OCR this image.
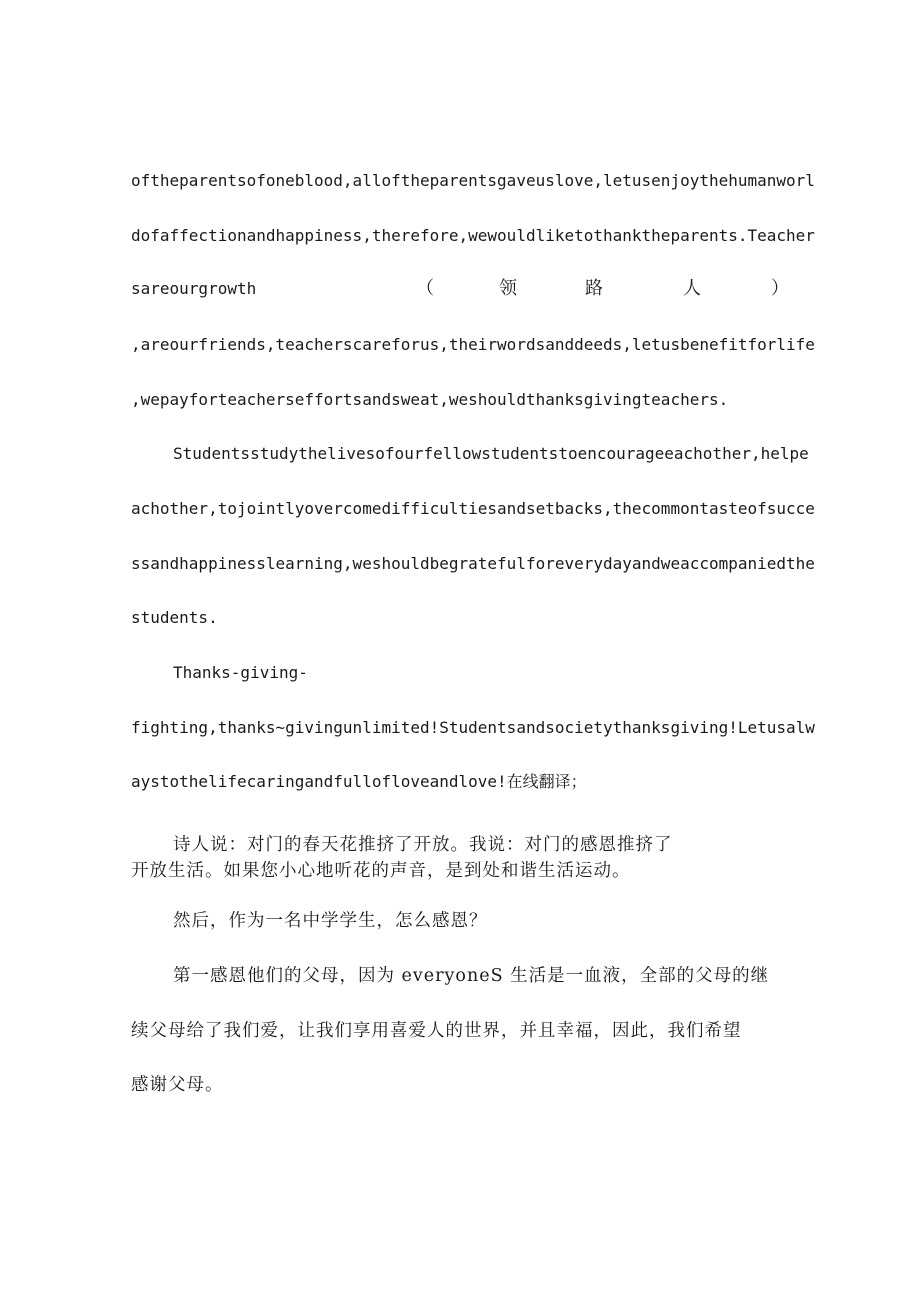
oftheparentsofoneblood,alloftheparentsgaveuslove,letusenjoythehumanworl
dofaffectionandhappiness,therefore,wewouldliketothanktheparents.Teacher
sareourgrowth	（	领	路	人	）
,areourfriends,teacherscareforus,theirwordsanddeeds,letusbenefitforlife
,wepayforteacherseffortsandsweat,weshouldthanksgivingteachers.
Studentsstudythelivesofourfellowstudentstoencourageeachother,helpe
achother,tojointlyovercomedifficultiesandsetbacks,thecommontasteofsucce
ssandhappinesslearning,weshouldbegratefulforeverydayandweaccompaniedthe
students.
Thanks-giving-
fighting,thanks~givingunlimited!Studentsandsocietythanksgiving!Letusalw
aystothelifecaringandfullofloveandlove!在线翻译；
诗人说：对门的春天花推挤了开放。我说：对门的感恩推挤了
开放生活。如果您小心地听花的声音，是到处和谐生活运动。
然后，作为一名中学学生，怎么感恩？
第一感恩他们的父母，因为 everyoneS 生活是一血液，全部的父母的继
续父母给了我们爱，让我们享用喜爱人的世界，并且幸福，因此，我们希望
感谢父母。
